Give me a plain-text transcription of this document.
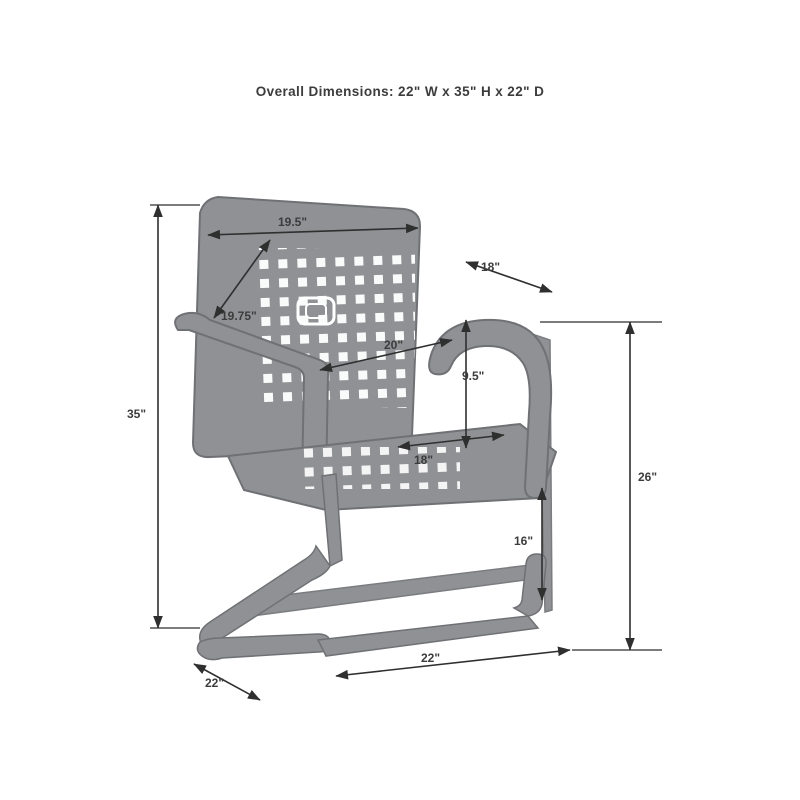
Overall Dimensions: 22" W x 35" H x 22" D
35"
19.5"
19.75"
18"
20"
9.5"
18"
26"
16"
22"
22"
